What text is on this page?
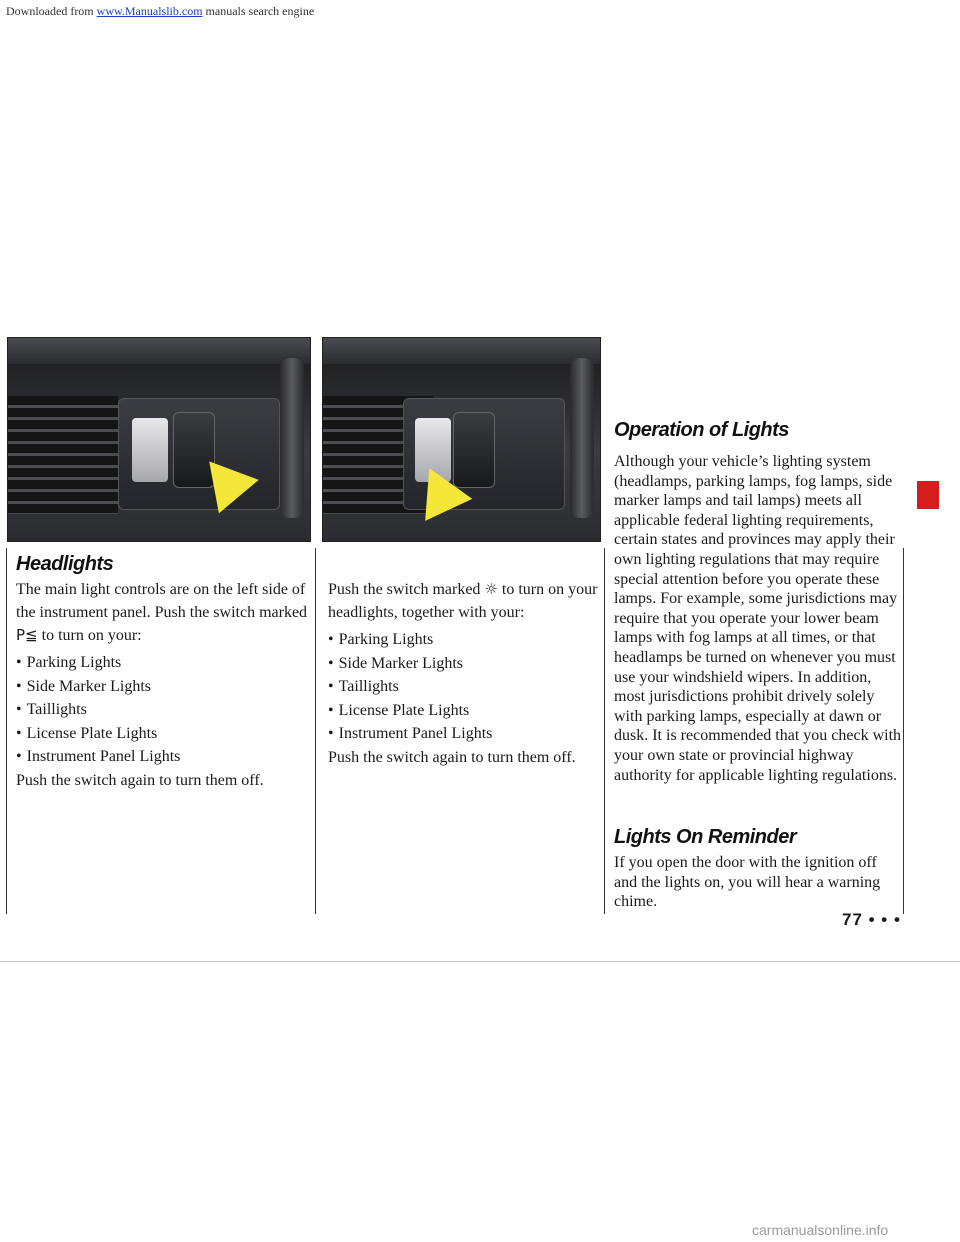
Downloaded from www.Manualslib.com manuals search engine
Headlights

The main light controls are on the left side of the instrument panel. Push the switch marked P≦ to turn on your:

• Parking Lights
• Side Marker Lights
• Taillights
• License Plate Lights
• Instrument Panel Lights

Push the switch again to turn them off.

Push the switch marked ☼ to turn on your headlights, together with your:

• Parking Lights
• Side Marker Lights
• Taillights
• License Plate Lights
• Instrument Panel Lights

Push the switch again to turn them off.

Operation of Lights

Although your vehicle’s lighting system (headlamps, parking lamps, fog lamps, side marker lamps and tail lamps) meets all applicable federal lighting requirements, certain states and provinces may apply their own lighting regulations that may require special attention before you operate these lamps. For example, some jurisdictions may require that you operate your lower beam lamps with fog lamps at all times, or that headlamps be turned on whenever you must use your windshield wipers. In addition, most jurisdictions prohibit drively solely with parking lamps, especially at dawn or dusk. It is recommended that you check with your own state or provincial highway authority for applicable lighting regulations.

Lights On Reminder

If you open the door with the ignition off and the lights on, you will hear a warning chime.

77 • • •
carmanualsonline.info
